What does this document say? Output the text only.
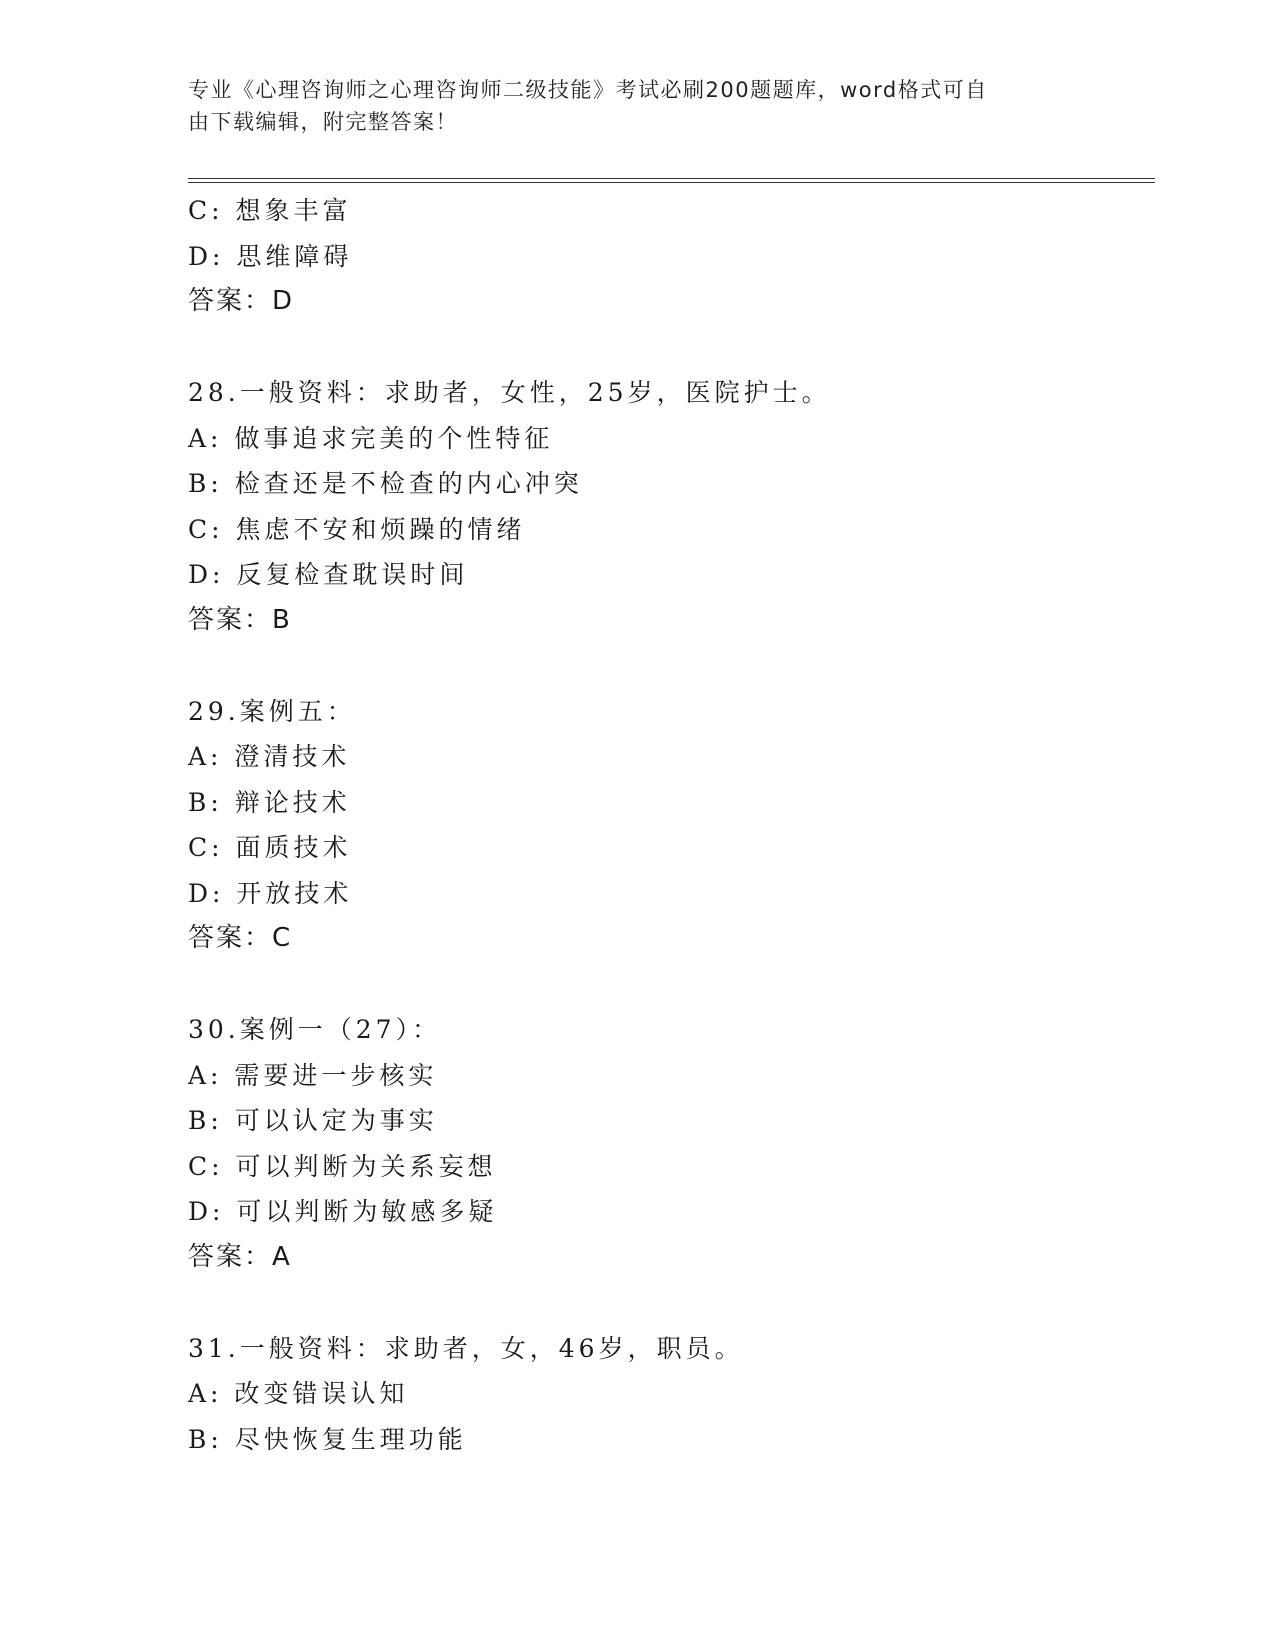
专业《心理咨询师之心理咨询师二级技能》考试必刷200题题库，word格式可自
由下载编辑，附完整答案！
C: 想象丰富
D: 思维障碍
答案：D
28.一般资料：求助者，女性，25岁，医院护士。
A: 做事追求完美的个性特征
B: 检查还是不检查的内心冲突
C: 焦虑不安和烦躁的情绪
D: 反复检查耽误时间
答案：B
29.案例五：
A: 澄清技术
B: 辩论技术
C: 面质技术
D: 开放技术
答案：C
30.案例一（27）：
A: 需要进一步核实
B: 可以认定为事实
C: 可以判断为关系妄想
D: 可以判断为敏感多疑
答案：A
31.一般资料：求助者，女，46岁，职员。
A: 改变错误认知
B: 尽快恢复生理功能
